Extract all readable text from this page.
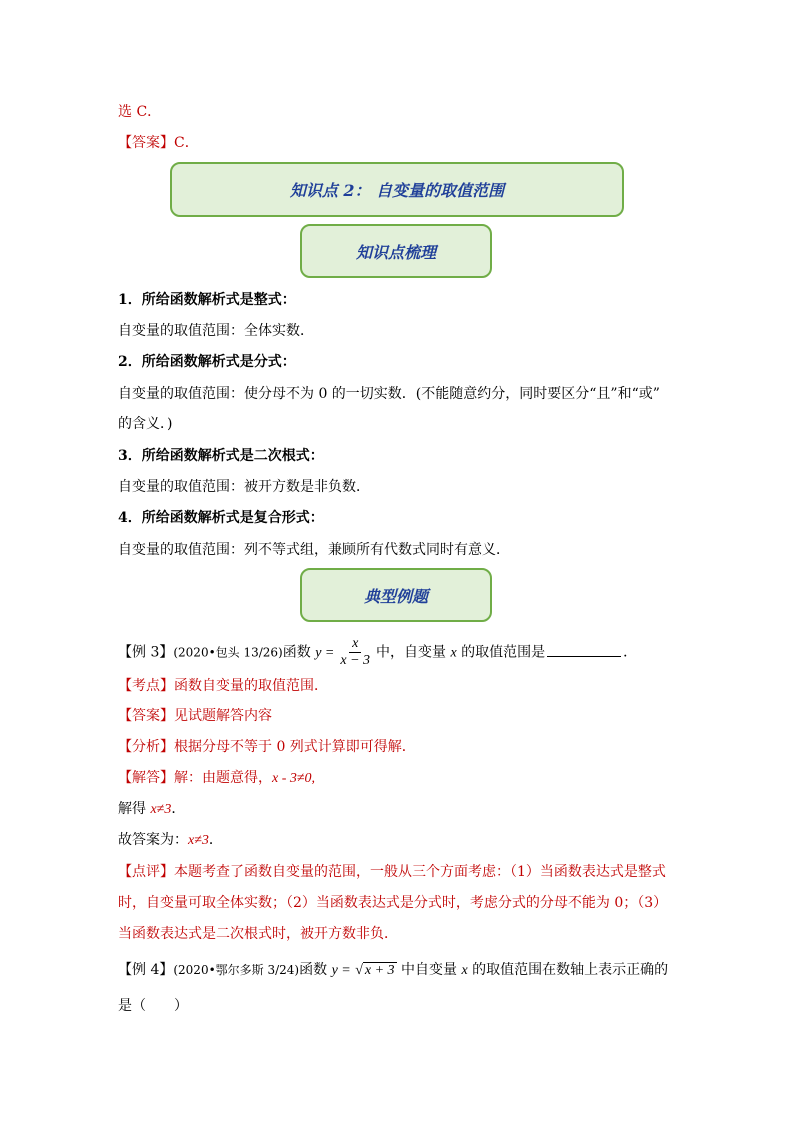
选 C．
【答案】C．
知识点 2： 自变量的取值范围
知识点梳理
1．所给函数解析式是整式：
自变量的取值范围：全体实数．
2．所给函数解析式是分式：
自变量的取值范围：使分母不为 0 的一切实数．(不能随意约分，同时要区分“且”和“或”
的含义．)
3．所给函数解析式是二次根式：
自变量的取值范围：被开方数是非负数．
4．所给函数解析式是复合形式：
自变量的取值范围：列不等式组，兼顾所有代数式同时有意义．
典型例题
【例 3】(2020•包头 13/26)函数 $y = \frac{x}{x - 3}$ 中，自变量 x 的取值范围是	．
【考点】函数自变量的取值范围．
【答案】见试题解答内容
【分析】根据分母不等于 0 列式计算即可得解．
【解答】解：由题意得，x - 3≠0,
解得 x≠3．
故答案为：x≠3．
【点评】本题考查了函数自变量的范围，一般从三个方面考虑：（1）当函数表达式是整式
时，自变量可取全体实数；（2）当函数表达式是分式时，考虑分式的分母不能为 0；（3）
当函数表达式是二次根式时，被开方数非负．
【例 4】(2020•鄂尔多斯 3/24)函数 y = √ x + 3 中自变量 x 的取值范围在数轴上表示正确的
是（　　）
